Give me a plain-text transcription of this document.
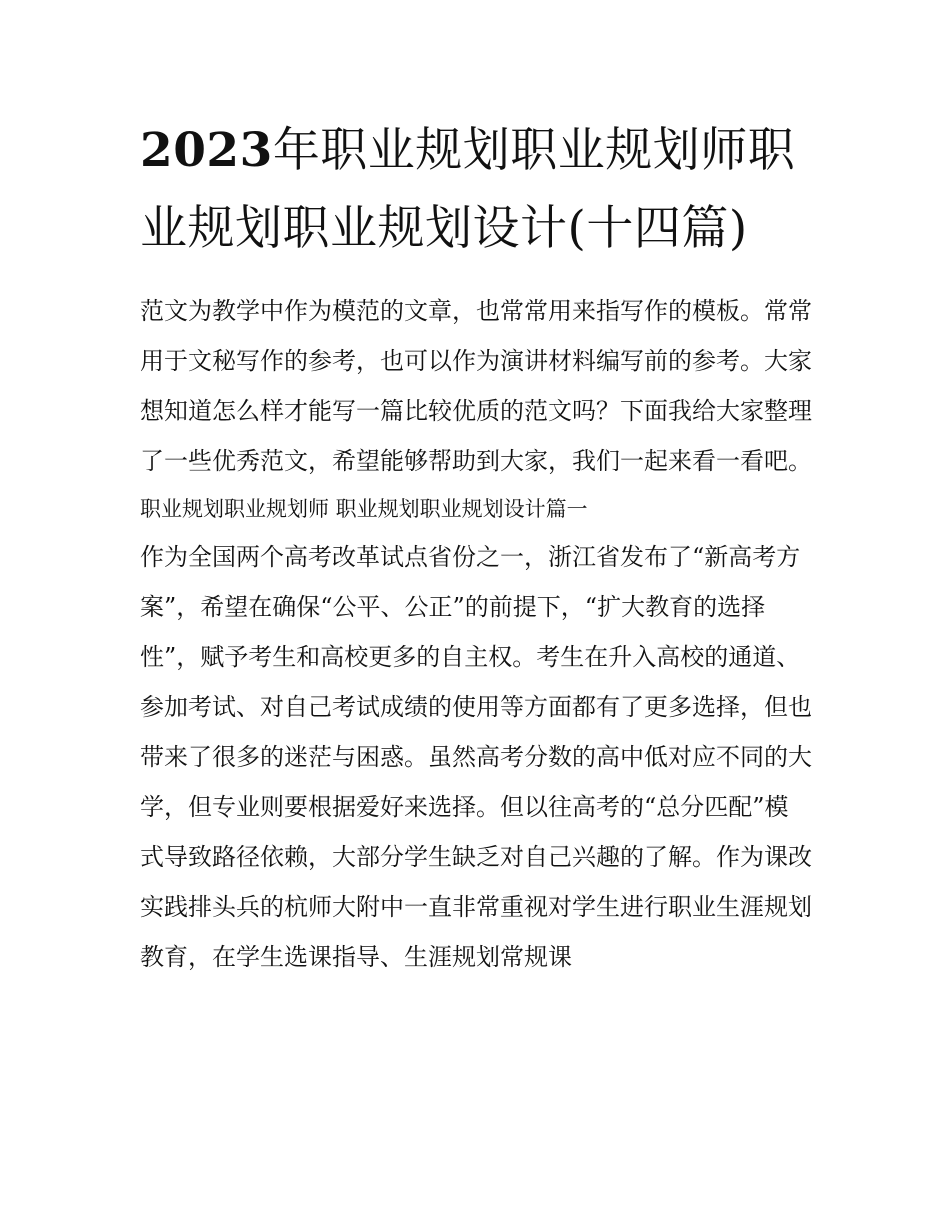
2023年职业规划职业规划师职业规划职业规划设计(十四篇)

范文为教学中作为模范的文章，也常常用来指写作的模板。常常用于文秘写作的参考，也可以作为演讲材料编写前的参考。大家想知道怎么样才能写一篇比较优质的范文吗？下面我给大家整理了一些优秀范文，希望能够帮助到大家，我们一起来看一看吧。

职业规划职业规划师 职业规划职业规划设计篇一

作为全国两个高考改革试点省份之一，浙江省发布了“新高考方案”，希望在确保“公平、公正”的前提下，“扩大教育的选择性”，赋予考生和高校更多的自主权。考生在升入高校的通道、参加考试、对自己考试成绩的使用等方面都有了更多选择，但也带来了很多的迷茫与困惑。虽然高考分数的高中低对应不同的大学，但专业则要根据爱好来选择。但以往高考的“总分匹配”模式导致路径依赖，大部分学生缺乏对自己兴趣的了解。作为课改实践排头兵的杭师大附中一直非常重视对学生进行职业生涯规划教育，在学生选课指导、生涯规划常规课
